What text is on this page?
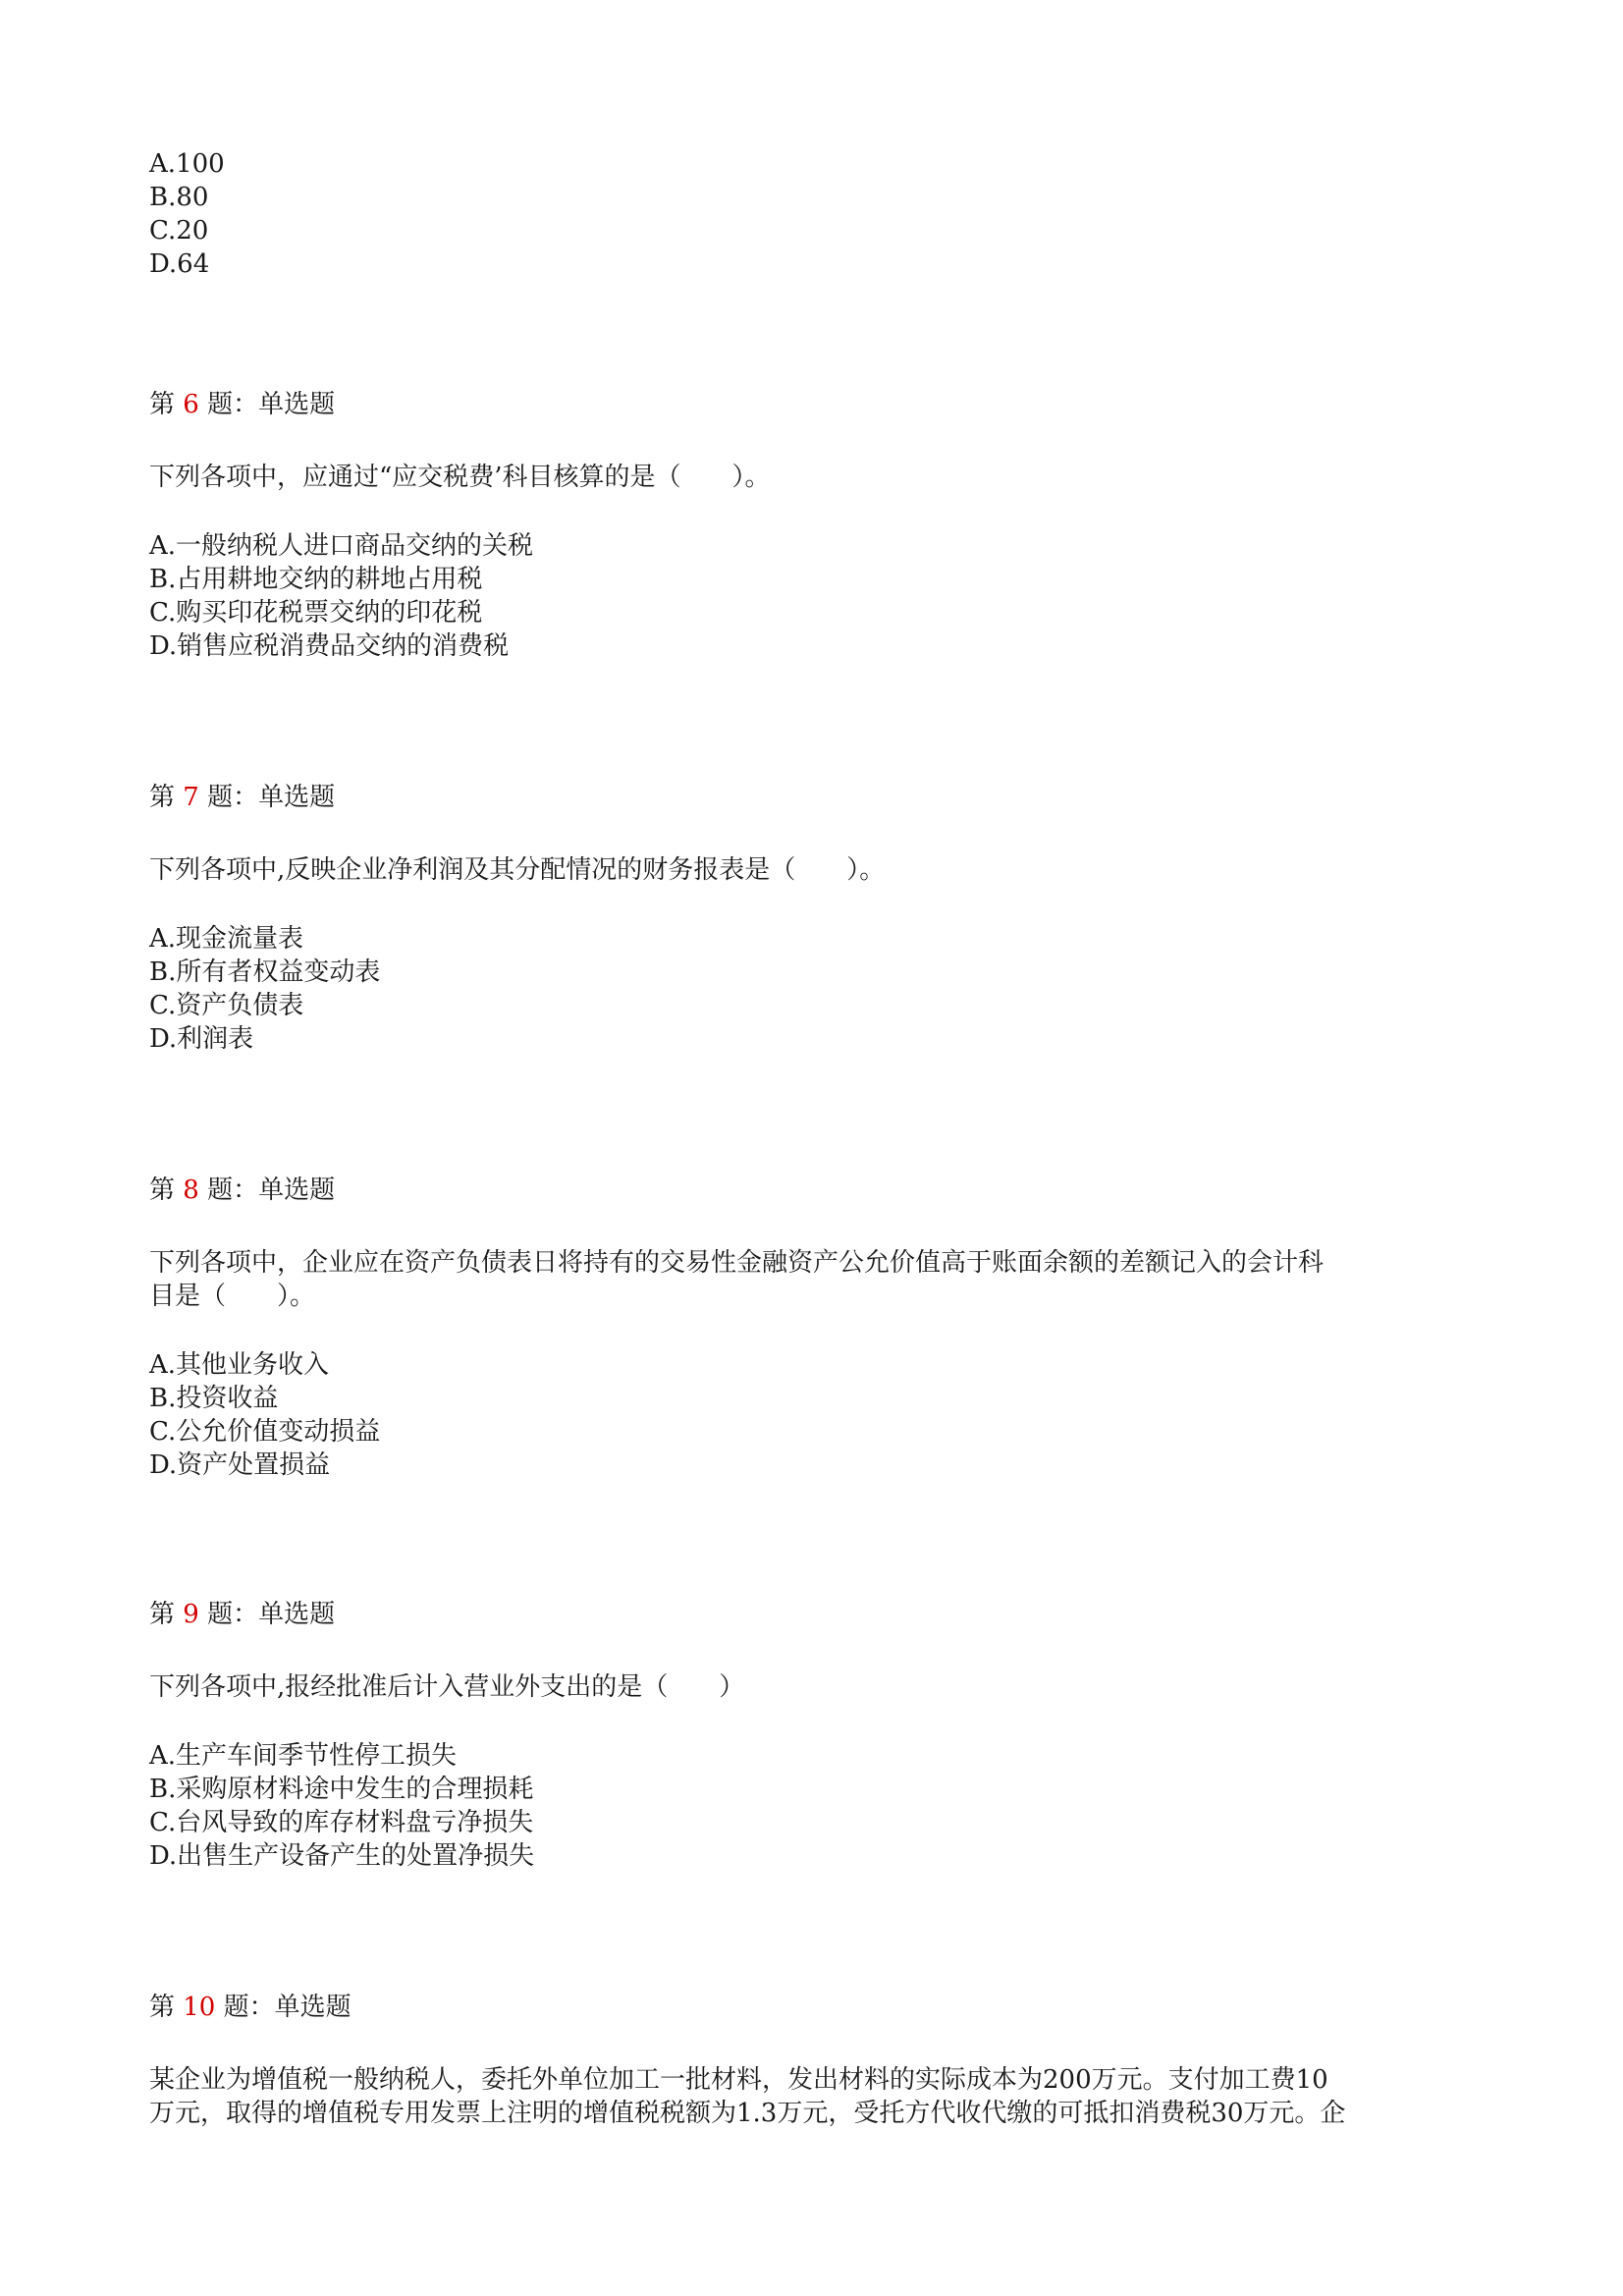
A.100
B.80
C.20
D.64
第 6 题：单选题
下列各项中，应通过“应交税费’科目核算的是（　　）。
A.一般纳税人进口商品交纳的关税
B.占用耕地交纳的耕地占用税
C.购买印花税票交纳的印花税
D.销售应税消费品交纳的消费税
第 7 题：单选题
下列各项中,反映企业净利润及其分配情况的财务报表是（　　）。
A.现金流量表
B.所有者权益变动表
C.资产负债表
D.利润表
第 8 题：单选题
下列各项中，企业应在资产负债表日将持有的交易性金融资产公允价值高于账面余额的差额记入的会计科
目是（　　）。
A.其他业务收入
B.投资收益
C.公允价值变动损益
D.资产处置损益
第 9 题：单选题
下列各项中,报经批准后计入营业外支出的是（　　）
A.生产车间季节性停工损失
B.采购原材料途中发生的合理损耗
C.台风导致的库存材料盘亏净损失
D.出售生产设备产生的处置净损失
第 10 题：单选题
某企业为增值税一般纳税人，委托外单位加工一批材料，发出材料的实际成本为200万元。支付加工费10
万元，取得的增值税专用发票上注明的增值税税额为1.3万元，受托方代收代缴的可抵扣消费税30万元。企
